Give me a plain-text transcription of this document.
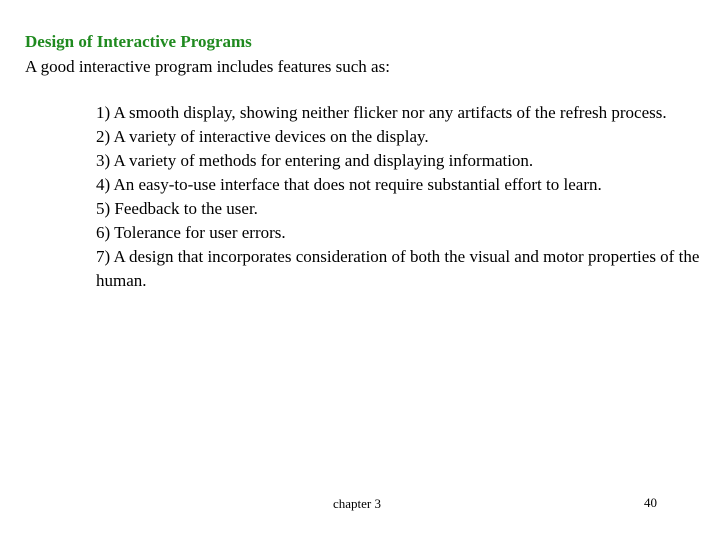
Design of Interactive Programs
A good interactive program includes features such as:
1) A smooth display, showing neither flicker nor any artifacts of the refresh process.
2) A variety of interactive devices on the display.
3) A variety of methods for entering and displaying information.
4) An easy-to-use interface that does not require substantial effort to learn.
5) Feedback to the user.
6) Tolerance for user errors.
7) A design that incorporates consideration of both the visual and motor properties of the human.
chapter 3	40
